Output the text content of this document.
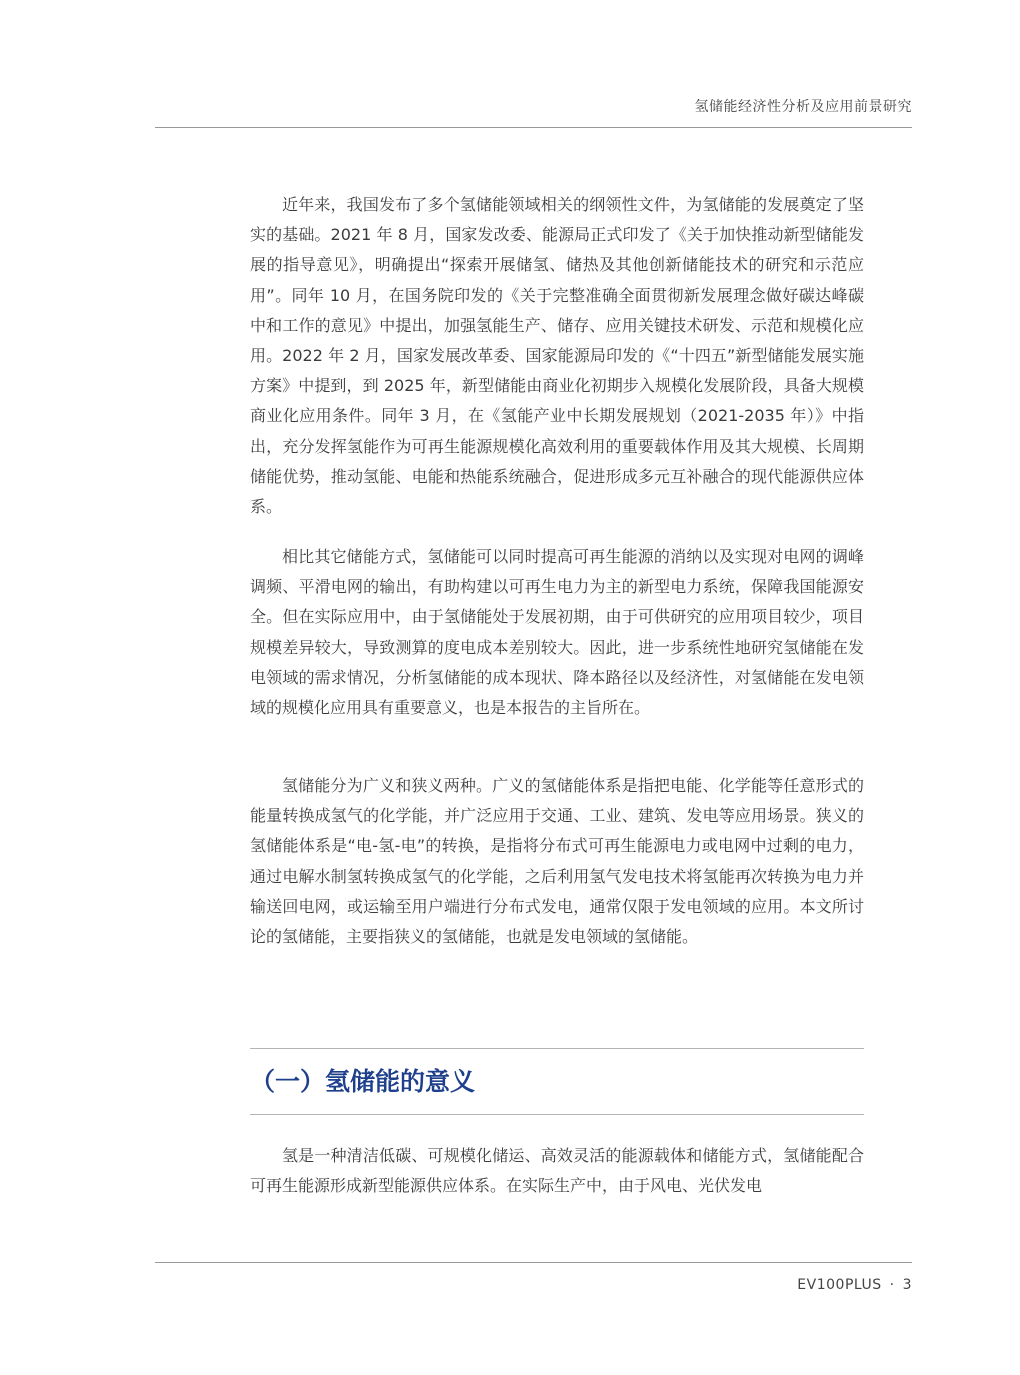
氢储能经济性分析及应用前景研究

近年来，我国发布了多个氢储能领域相关的纲领性文件，为氢储能的发展奠定了坚实的基础。2021 年 8 月，国家发改委、能源局正式印发了《关于加快推动新型储能发展的指导意见》，明确提出“探索开展储氢、储热及其他创新储能技术的研究和示范应用”。同年 10 月，在国务院印发的《关于完整准确全面贯彻新发展理念做好碳达峰碳中和工作的意见》中提出，加强氢能生产、储存、应用关键技术研发、示范和规模化应用。2022 年 2 月，国家发展改革委、国家能源局印发的《“十四五”新型储能发展实施方案》中提到，到 2025 年，新型储能由商业化初期步入规模化发展阶段，具备大规模商业化应用条件。同年 3 月，在《氢能产业中长期发展规划（2021-2035 年）》中指出，充分发挥氢能作为可再生能源规模化高效利用的重要载体作用及其大规模、长周期储能优势，推动氢能、电能和热能系统融合，促进形成多元互补融合的现代能源供应体系。

相比其它储能方式，氢储能可以同时提高可再生能源的消纳以及实现对电网的调峰调频、平滑电网的输出，有助构建以可再生电力为主的新型电力系统，保障我国能源安全。但在实际应用中，由于氢储能处于发展初期，由于可供研究的应用项目较少，项目规模差异较大，导致测算的度电成本差别较大。因此，进一步系统性地研究氢储能在发电领域的需求情况，分析氢储能的成本现状、降本路径以及经济性，对氢储能在发电领域的规模化应用具有重要意义，也是本报告的主旨所在。

氢储能分为广义和狭义两种。广义的氢储能体系是指把电能、化学能等任意形式的能量转换成氢气的化学能，并广泛应用于交通、工业、建筑、发电等应用场景。狭义的氢储能体系是“电-氢-电”的转换，是指将分布式可再生能源电力或电网中过剩的电力，通过电解水制氢转换成氢气的化学能，之后利用氢气发电技术将氢能再次转换为电力并输送回电网，或运输至用户端进行分布式发电，通常仅限于发电领域的应用。本文所讨论的氢储能，主要指狭义的氢储能，也就是发电领域的氢储能。

（一）氢储能的意义

氢是一种清洁低碳、可规模化储运、高效灵活的能源载体和储能方式，氢储能配合可再生能源形成新型能源供应体系。在实际生产中，由于风电、光伏发电

EV100PLUS · 3
